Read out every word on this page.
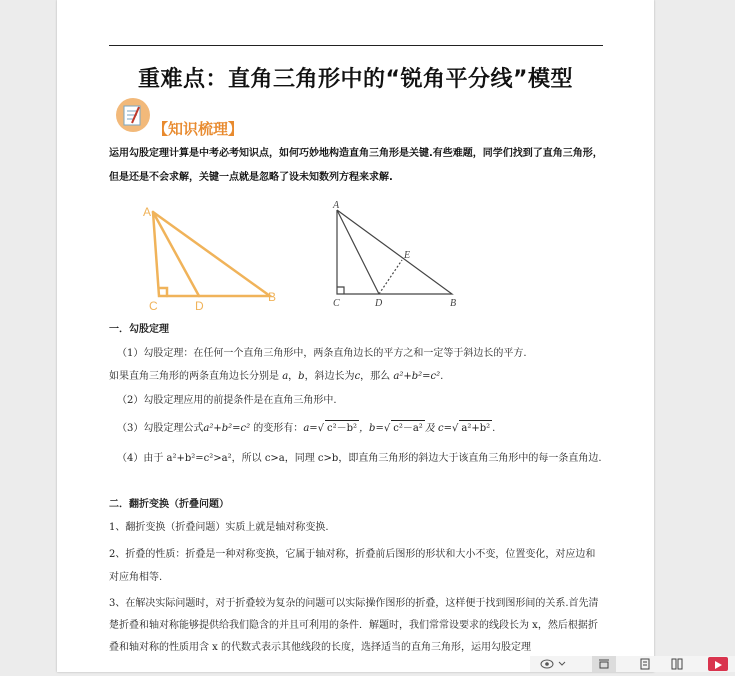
重难点：直角三角形中的“锐角平分线”模型
【知识梳理】
运用勾股定理计算是中考必考知识点，如何巧妙地构造直角三角形是关键.有些难题，同学们找到了直角三角形，但是还是不会求解，关键一点就是忽略了设未知数列方程来求解.
A
C	D
B
A
C	D	B
E
一．勾股定理
（1）勾股定理：在任何一个直角三角形中，两条直角边长的平方之和一定等于斜边长的平方.
如果直角三角形的两条直角边长分别是 a，b，斜边长为c，那么 a²+b²=c².
（2）勾股定理应用的前提条件是在直角三角形中.
（3）勾股定理公式a²+b²=c² 的变形有：a=√ c²－b² ，b=√ c²－a² 及 c=√ a²+b² .
（4）由于 a²+b²=c²>a²，所以 c>a，同理 c>b，即直角三角形的斜边大于该直角三角形中的每一条直角边.
二．翻折变换（折叠问题）
1、翻折变换（折叠问题）实质上就是轴对称变换.
2、折叠的性质：折叠是一种对称变换，它属于轴对称，折叠前后图形的形状和大小不变，位置变化，对应边和对应角相等.
3、在解决实际问题时，对于折叠较为复杂的问题可以实际操作图形的折叠，这样便于找到图形间的关系.首先清楚折叠和轴对称能够提供给我们隐含的并且可利用的条件．解题时，我们常常设要求的线段长为 x，然后根据折叠和轴对称的性质用含 x 的代数式表示其他线段的长度，选择适当的直角三角形，运用勾股定理
